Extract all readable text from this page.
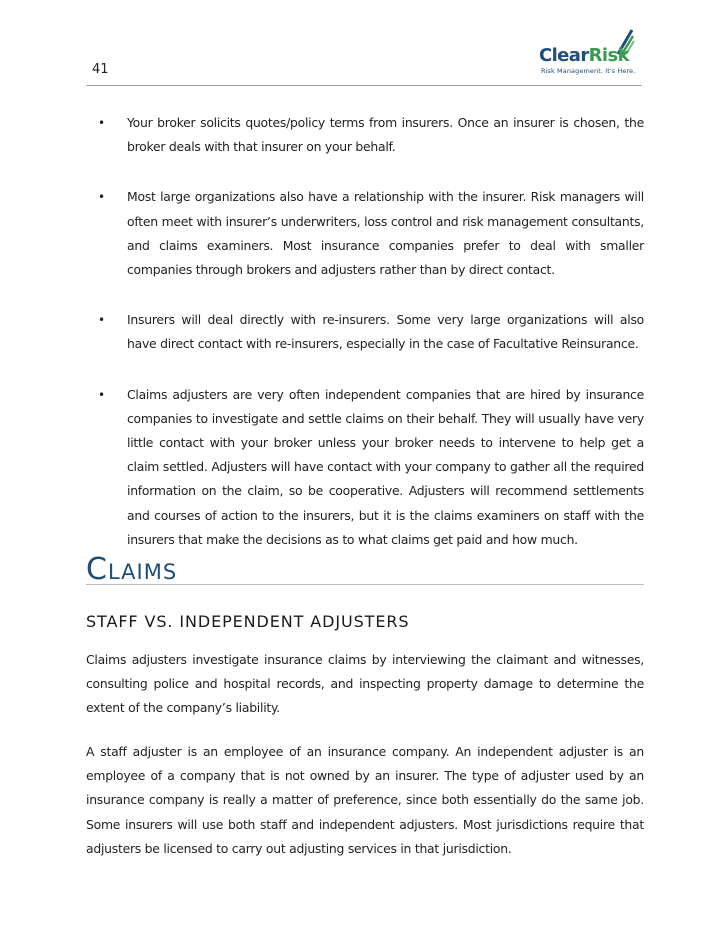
41
ClearRisk
Risk Management. It's Here.
• Your broker solicits quotes/policy terms from insurers. Once an insurer is chosen, the broker deals with that insurer on your behalf.
• Most large organizations also have a relationship with the insurer. Risk managers will often meet with insurer’s underwriters, loss control and risk management consultants, and claims examiners. Most insurance companies prefer to deal with smaller companies through brokers and adjusters rather than by direct contact.
• Insurers will deal directly with re-insurers. Some very large organizations will also have direct contact with re-insurers, especially in the case of Facultative Reinsurance.
• Claims adjusters are very often independent companies that are hired by insurance companies to investigate and settle claims on their behalf. They will usually have very little contact with your broker unless your broker needs to intervene to help get a claim settled. Adjusters will have contact with your company to gather all the required information on the claim, so be cooperative. Adjusters will recommend settlements and courses of action to the insurers, but it is the claims examiners on staff with the insurers that make the decisions as to what claims get paid and how much.
CLAIMS
STAFF VS. INDEPENDENT ADJUSTERS

Claims adjusters investigate insurance claims by interviewing the claimant and witnesses, consulting police and hospital records, and inspecting property damage to determine the extent of the company’s liability.

A staff adjuster is an employee of an insurance company. An independent adjuster is an employee of a company that is not owned by an insurer. The type of adjuster used by an insurance company is really a matter of preference, since both essentially do the same job. Some insurers will use both staff and independent adjusters. Most jurisdictions require that adjusters be licensed to carry out adjusting services in that jurisdiction.
